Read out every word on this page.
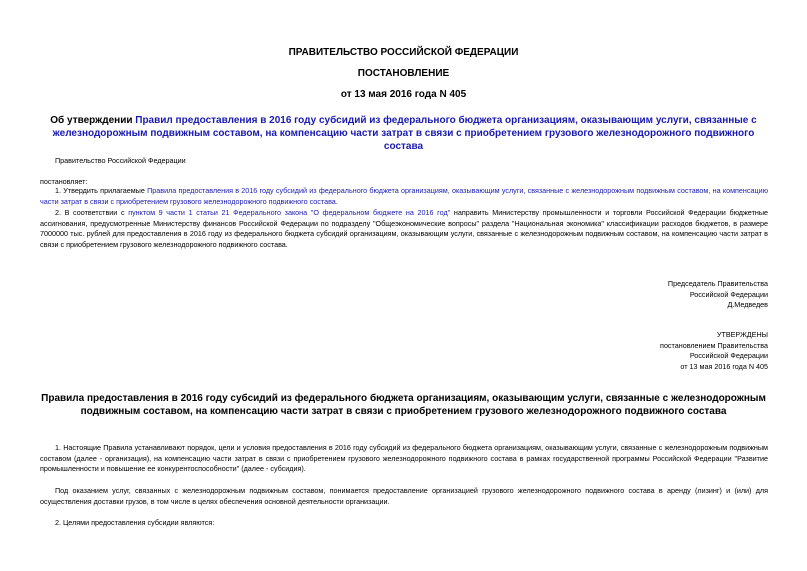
ПРАВИТЕЛЬСТВО РОССИЙСКОЙ ФЕДЕРАЦИИ
ПОСТАНОВЛЕНИЕ
от 13 мая 2016 года N 405
Об утверждении Правил предоставления в 2016 году субсидий из федерального бюджета организациям, оказывающим услуги, связанные с железнодорожным подвижным составом, на компенсацию части затрат в связи с приобретением грузового железнодорожного подвижного состава
Правительство Российской Федерации
постановляет:
1. Утвердить прилагаемые Правила предоставления в 2016 году субсидий из федерального бюджета организациям, оказывающим услуги, связанные с железнодорожным подвижным составом, на компенсацию части затрат в связи с приобретением грузового железнодорожного подвижного состава.
2. В соответствии с пунктом 9 части 1 статьи 21 Федерального закона "О федеральном бюджете на 2016 год" направить Министерству промышленности и торговли Российской Федерации бюджетные ассигнования, предусмотренные Министерству финансов Российской Федерации по подразделу "Общеэкономические вопросы" раздела "Национальная экономика" классификации расходов бюджетов, в размере 7000000 тыс. рублей для предоставления в 2016 году из федерального бюджета субсидий организациям, оказывающим услуги, связанные с железнодорожным подвижным составом, на компенсацию части затрат в связи с приобретением грузового железнодорожного подвижного состава.
Председатель Правительства
Российской Федерации
Д.Медведев
УТВЕРЖДЕНЫ
постановлением Правительства
Российской Федерации
от 13 мая 2016 года N 405
Правила предоставления в 2016 году субсидий из федерального бюджета организациям, оказывающим услуги, связанные с железнодорожным подвижным составом, на компенсацию части затрат в связи с приобретением грузового железнодорожного подвижного состава
1. Настоящие Правила устанавливают порядок, цели и условия предоставления в 2016 году субсидий из федерального бюджета организациям, оказывающим услуги, связанные с железнодорожным подвижным составом (далее - организация), на компенсацию части затрат в связи с приобретением грузового железнодорожного подвижного состава в рамках государственной программы Российской Федерации "Развитие промышленности и повышение ее конкурентоспособности" (далее - субсидия).
Под оказанием услуг, связанных с железнодорожным подвижным составом, понимается предоставление организацией грузового железнодорожного подвижного состава в аренду (лизинг) и (или) для осуществления доставки грузов, в том числе в целях обеспечения основной деятельности организации.
2. Целями предоставления субсидии являются:
